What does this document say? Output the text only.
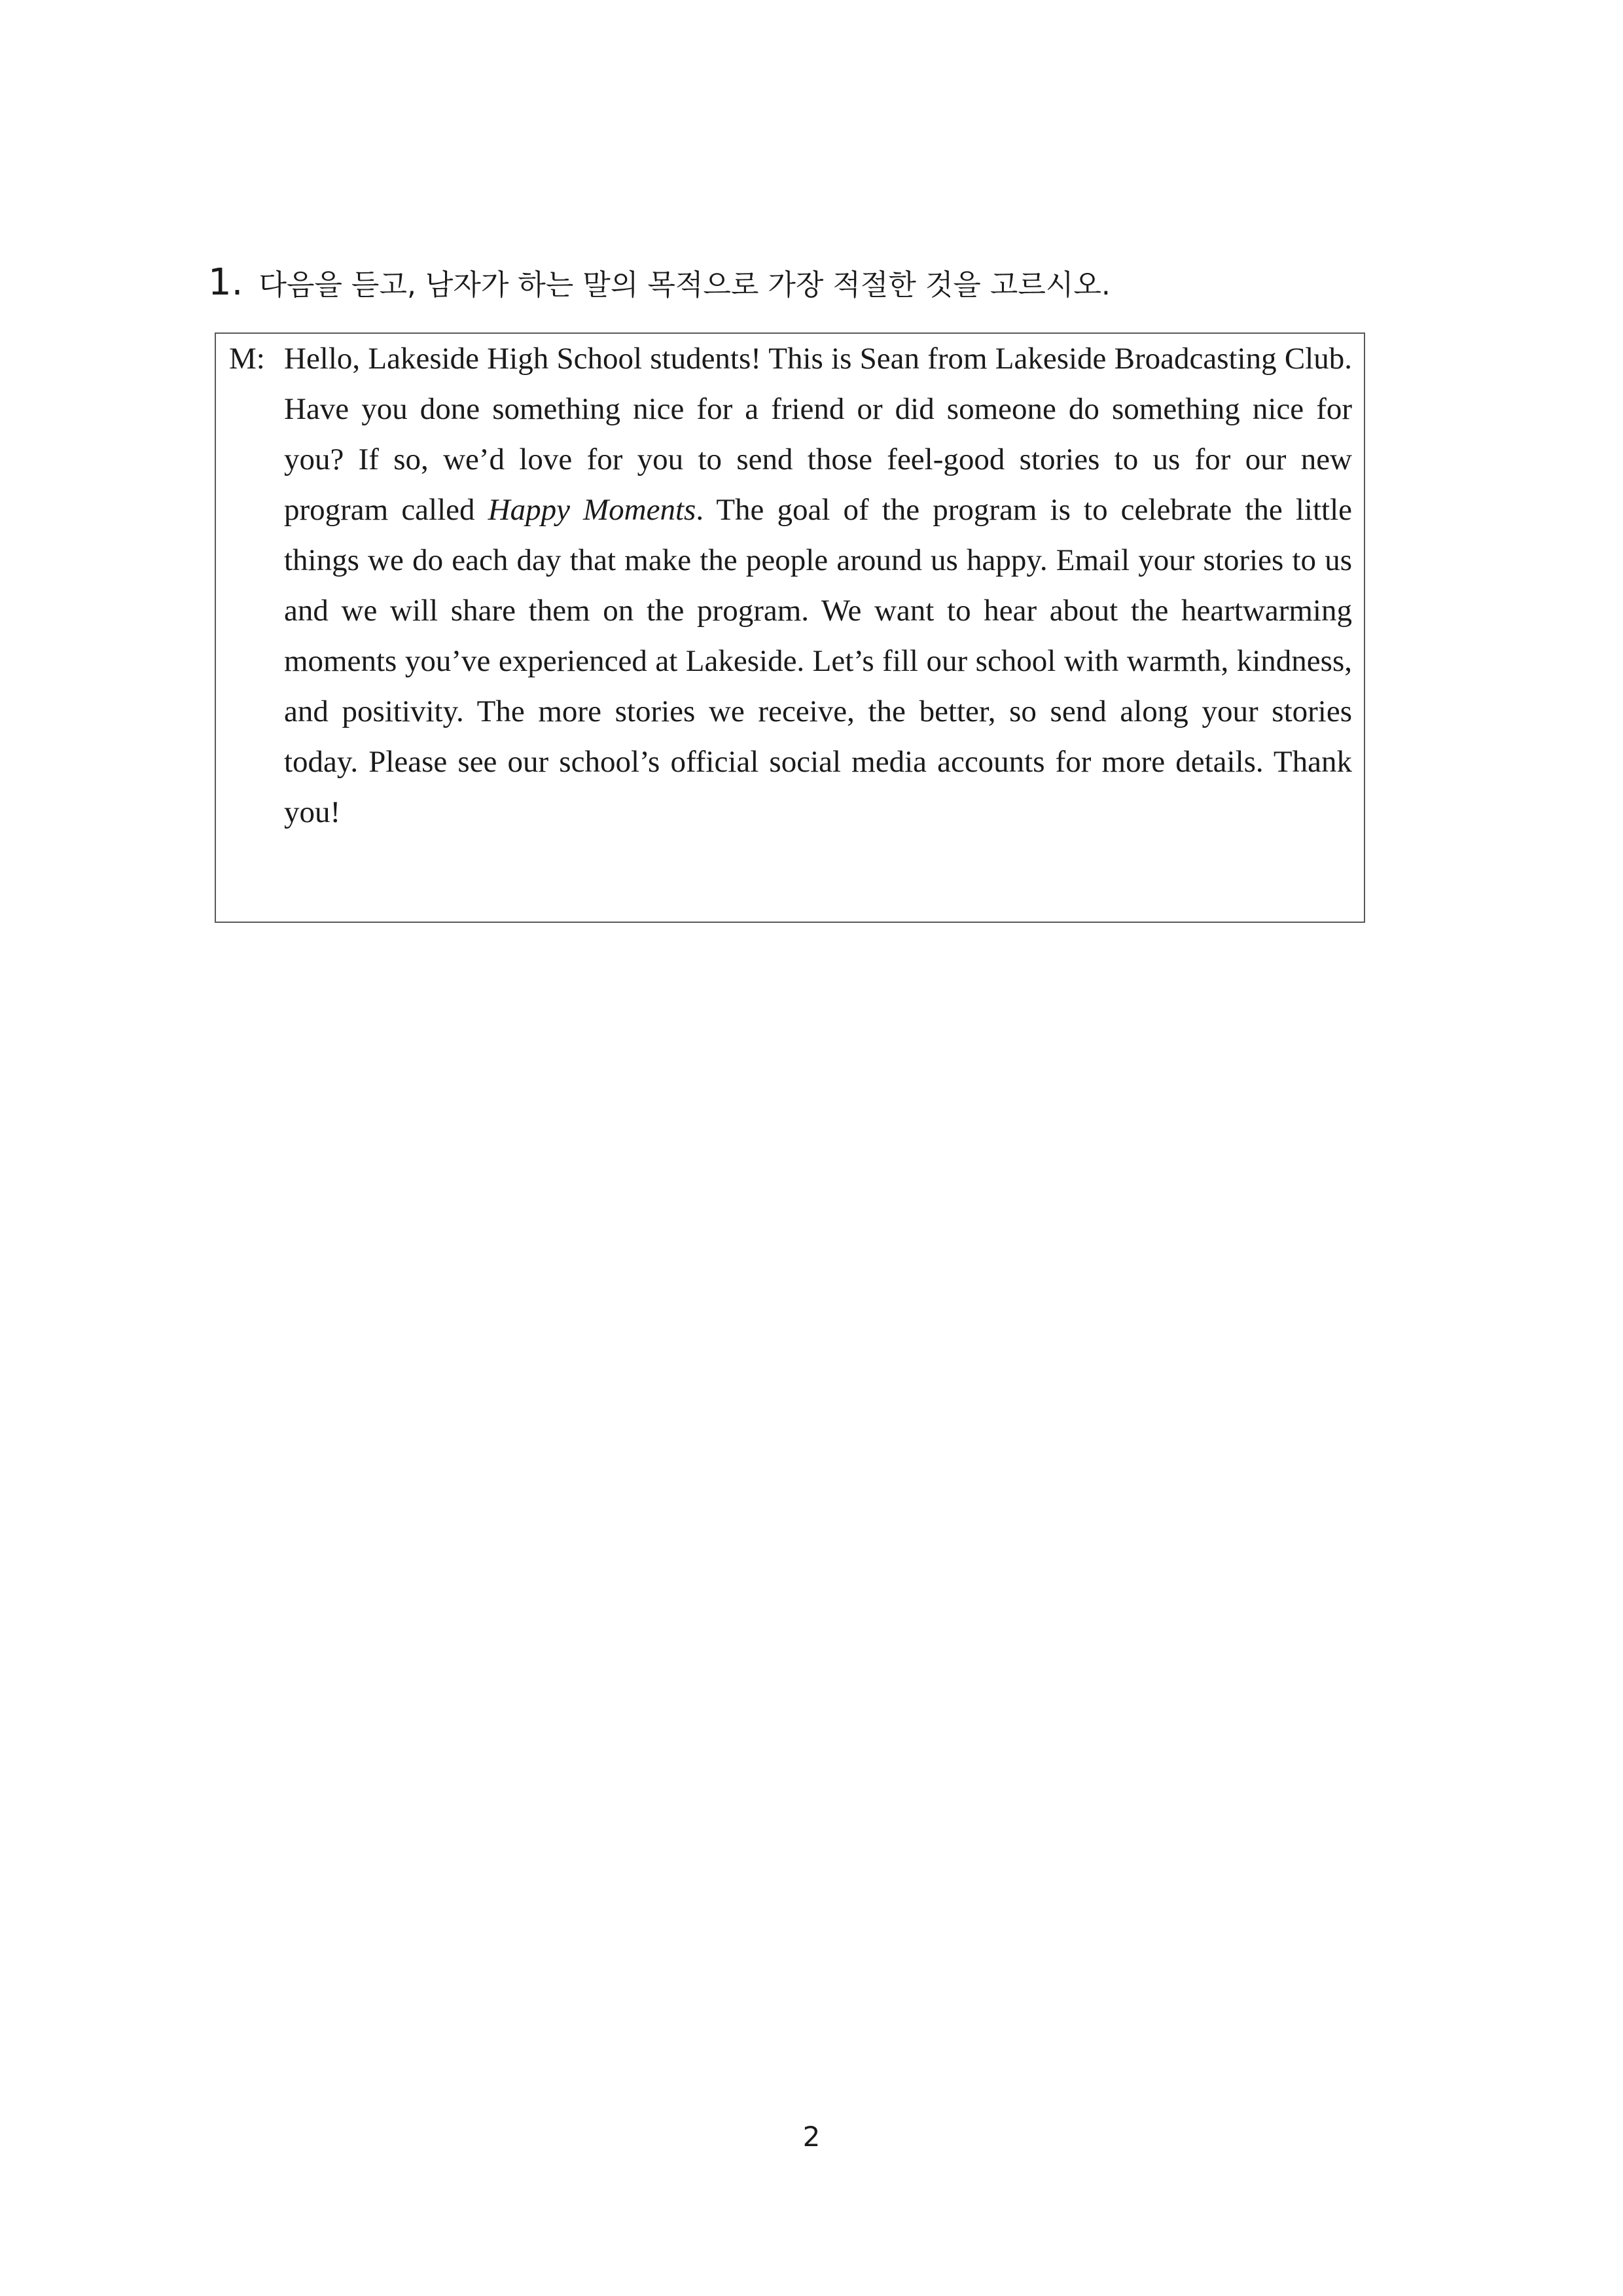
1. 다음을 듣고, 남자가 하는 말의 목적으로 가장 적절한 것을 고르시오.
M: Hello, Lakeside High School students! This is Sean from Lakeside Broadcasting Club. Have you done something nice for a friend or did someone do something nice for you? If so, we’d love for you to send those feel-good stories to us for our new program called Happy Moments. The goal of the program is to celebrate the little things we do each day that make the people around us happy. Email your stories to us and we will share them on the program. We want to hear about the heartwarming moments you’ve experienced at Lakeside. Let’s fill our school with warmth, kindness, and positivity. The more stories we receive, the better, so send along your stories today. Please see our school’s official social media accounts for more details. Thank you!

2
